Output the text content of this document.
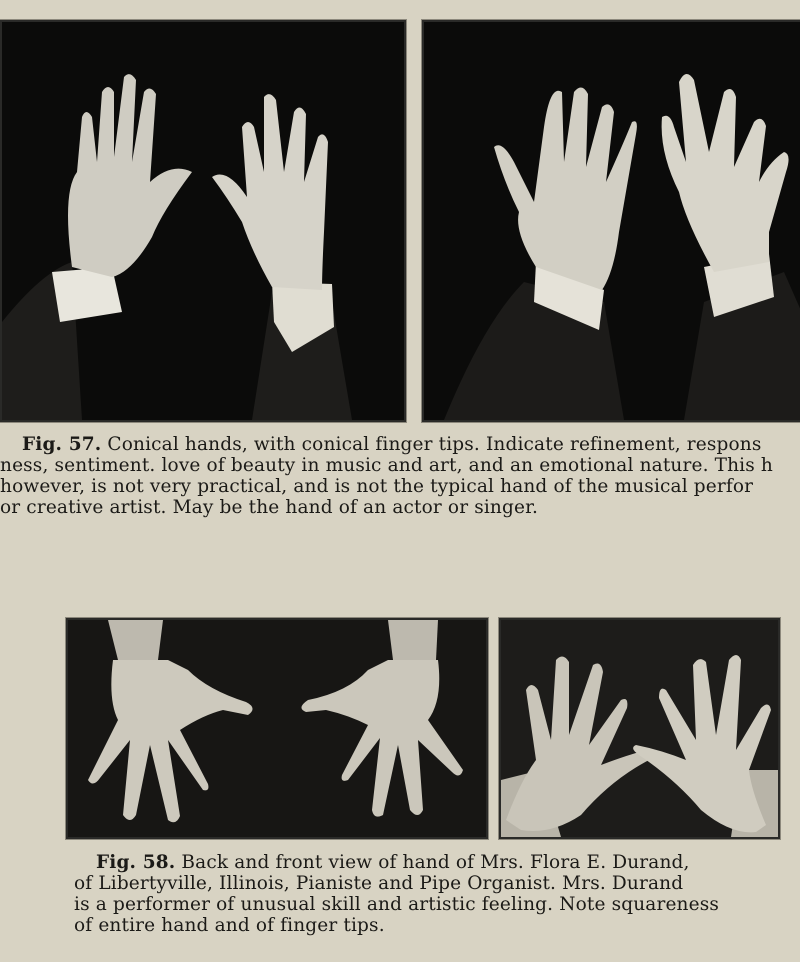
Fig. 57. Conical hands, with conical finger tips. Indicate refinement, respons
ness, sentiment. love of beauty in music and art, and an emotional nature. This h
however, is not very practical, and is not the typical hand of the musical perfor
or creative artist. May be the hand of an actor or singer.
Fig. 58. Back and front view of hand of Mrs. Flora E. Durand,
of Libertyville, Illinois, Pianiste and Pipe Organist. Mrs. Durand
is a performer of unusual skill and artistic feeling. Note squareness
of entire hand and of finger tips.
